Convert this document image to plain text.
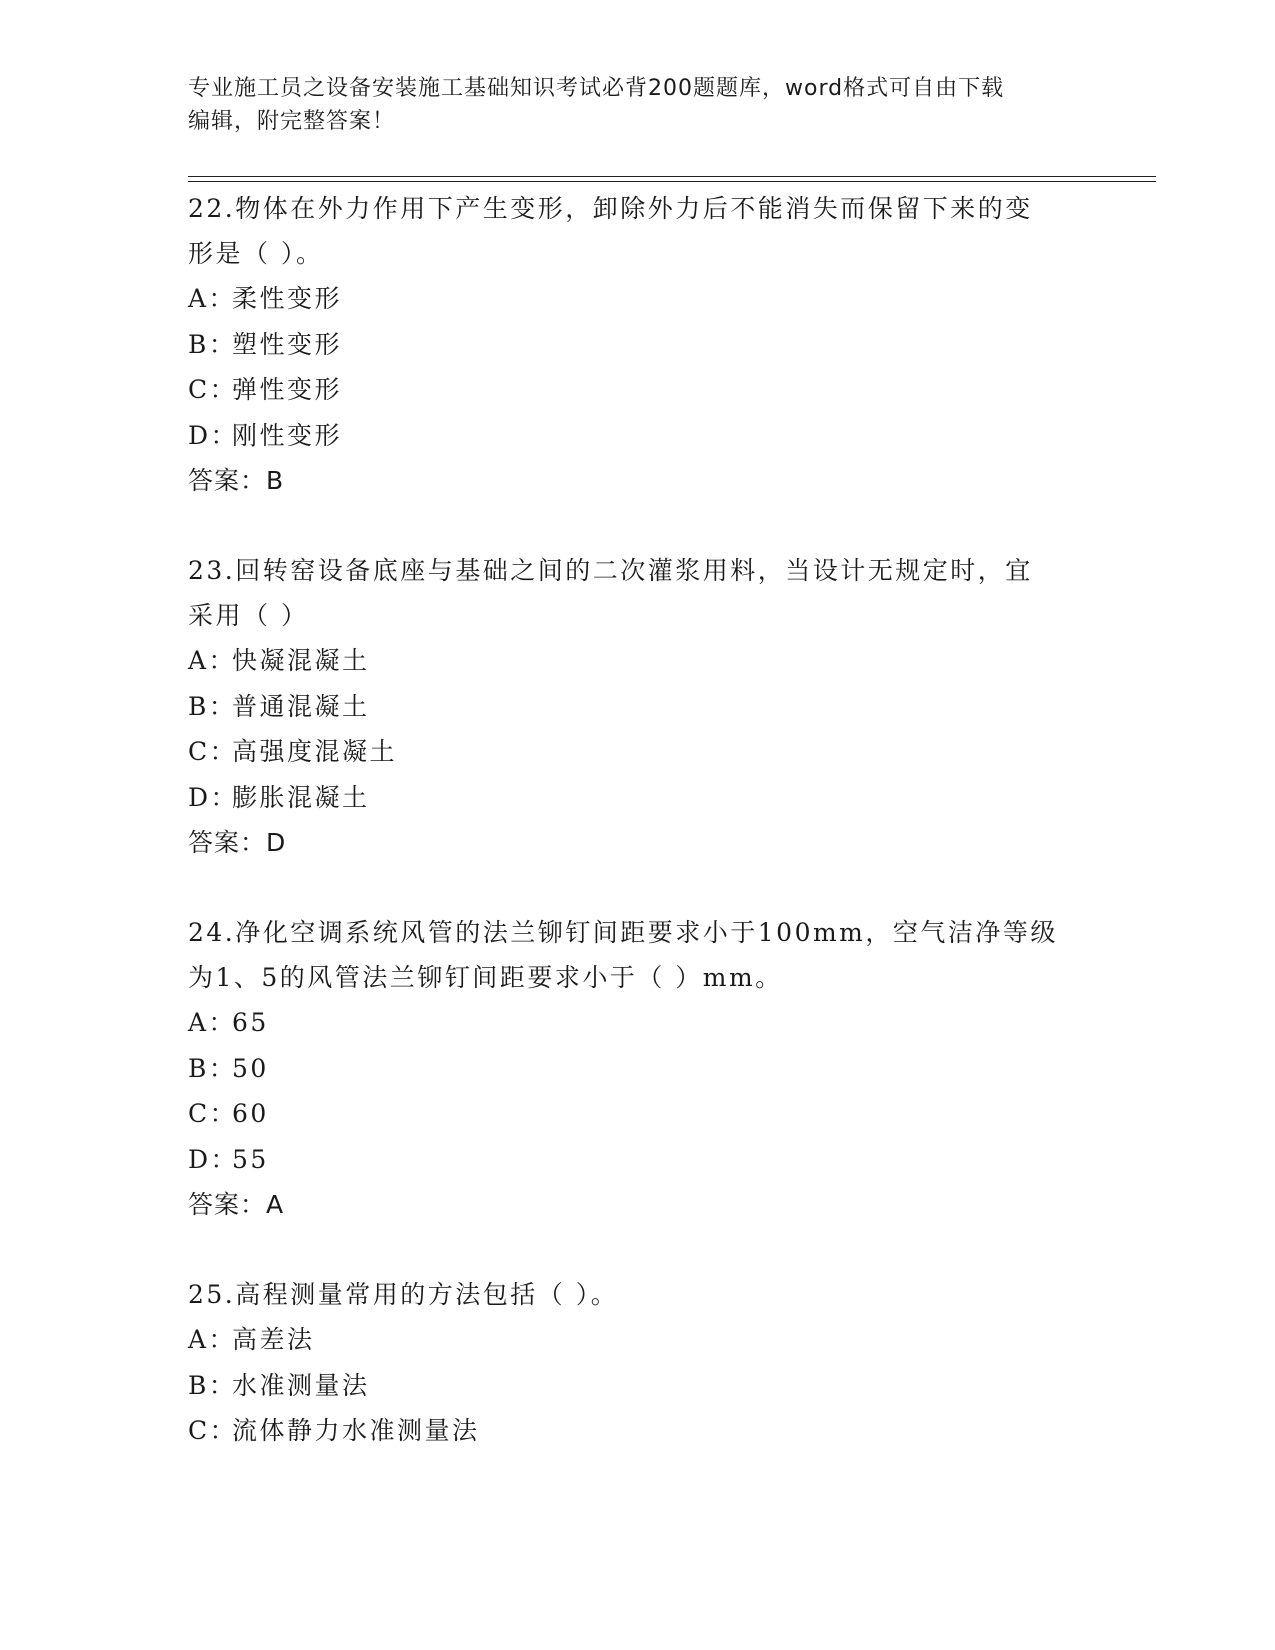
专业施工员之设备安装施工基础知识考试必背200题题库，word格式可自由下载
编辑，附完整答案！
22.物体在外力作用下产生变形，卸除外力后不能消失而保留下来的变
形是（ ）。
A：柔性变形
B：塑性变形
C：弹性变形
D：刚性变形
答案：B
23.回转窑设备底座与基础之间的二次灌浆用料，当设计无规定时，宜
采用（ ）
A：快凝混凝土
B：普通混凝土
C：高强度混凝土
D：膨胀混凝土
答案：D
24.净化空调系统风管的法兰铆钉间距要求小于100mm，空气洁净等级
为1、5的风管法兰铆钉间距要求小于（ ）mm。
A：65
B：50
C：60
D：55
答案：A
25.高程测量常用的方法包括（ ）。
A：高差法
B：水准测量法
C：流体静力水准测量法
